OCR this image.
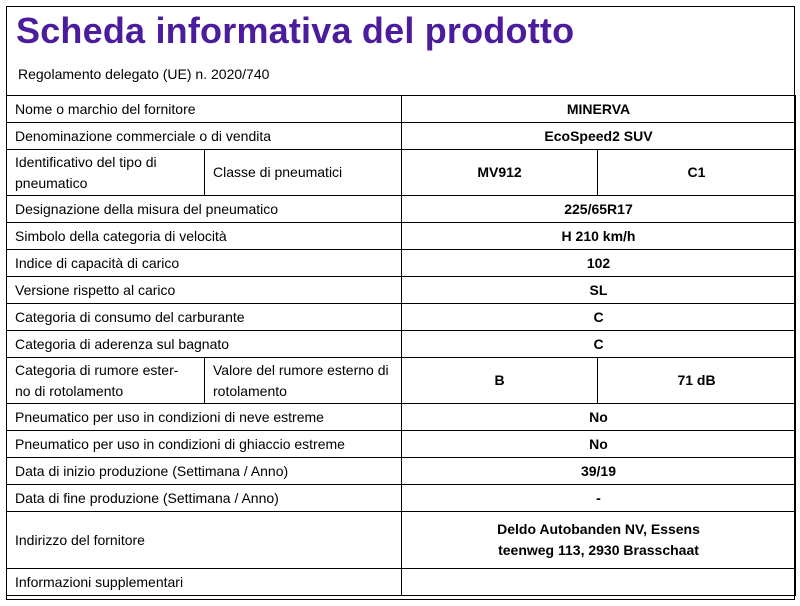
Scheda informativa del prodotto

Regolamento delegato (UE) n. 2020/740

Nome o marchio del fornitore		MINERVA	
Denominazione commerciale o di vendita		EcoSpeed2 SUV	
Identificativo del tipo di pneumatico	Classe di pneumatici	MV912	C1
Designazione della misura del pneumatico		225/65R17	
Simbolo della categoria di velocità		H 210 km/h	
Indice di capacità di carico		102	
Versione rispetto al carico		SL	
Categoria di consumo del carburante		C	
Categoria di aderenza sul bagnato		C	
Categoria di rumore ester- no di rotolamento	Valore del rumore esterno di rotolamento	B	71 dB
Pneumatico per uso in condizioni di neve estreme		No	
Pneumatico per uso in condizioni di ghiaccio estreme		No	
Data di inizio produzione (Settimana / Anno)		39/19	
Data di fine produzione (Settimana / Anno)		-	
Indirizzo del fornitore		Deldo Autobanden NV, Essens
teenweg 113, 2930 Brasschaat	

Informazioni supplementari			
